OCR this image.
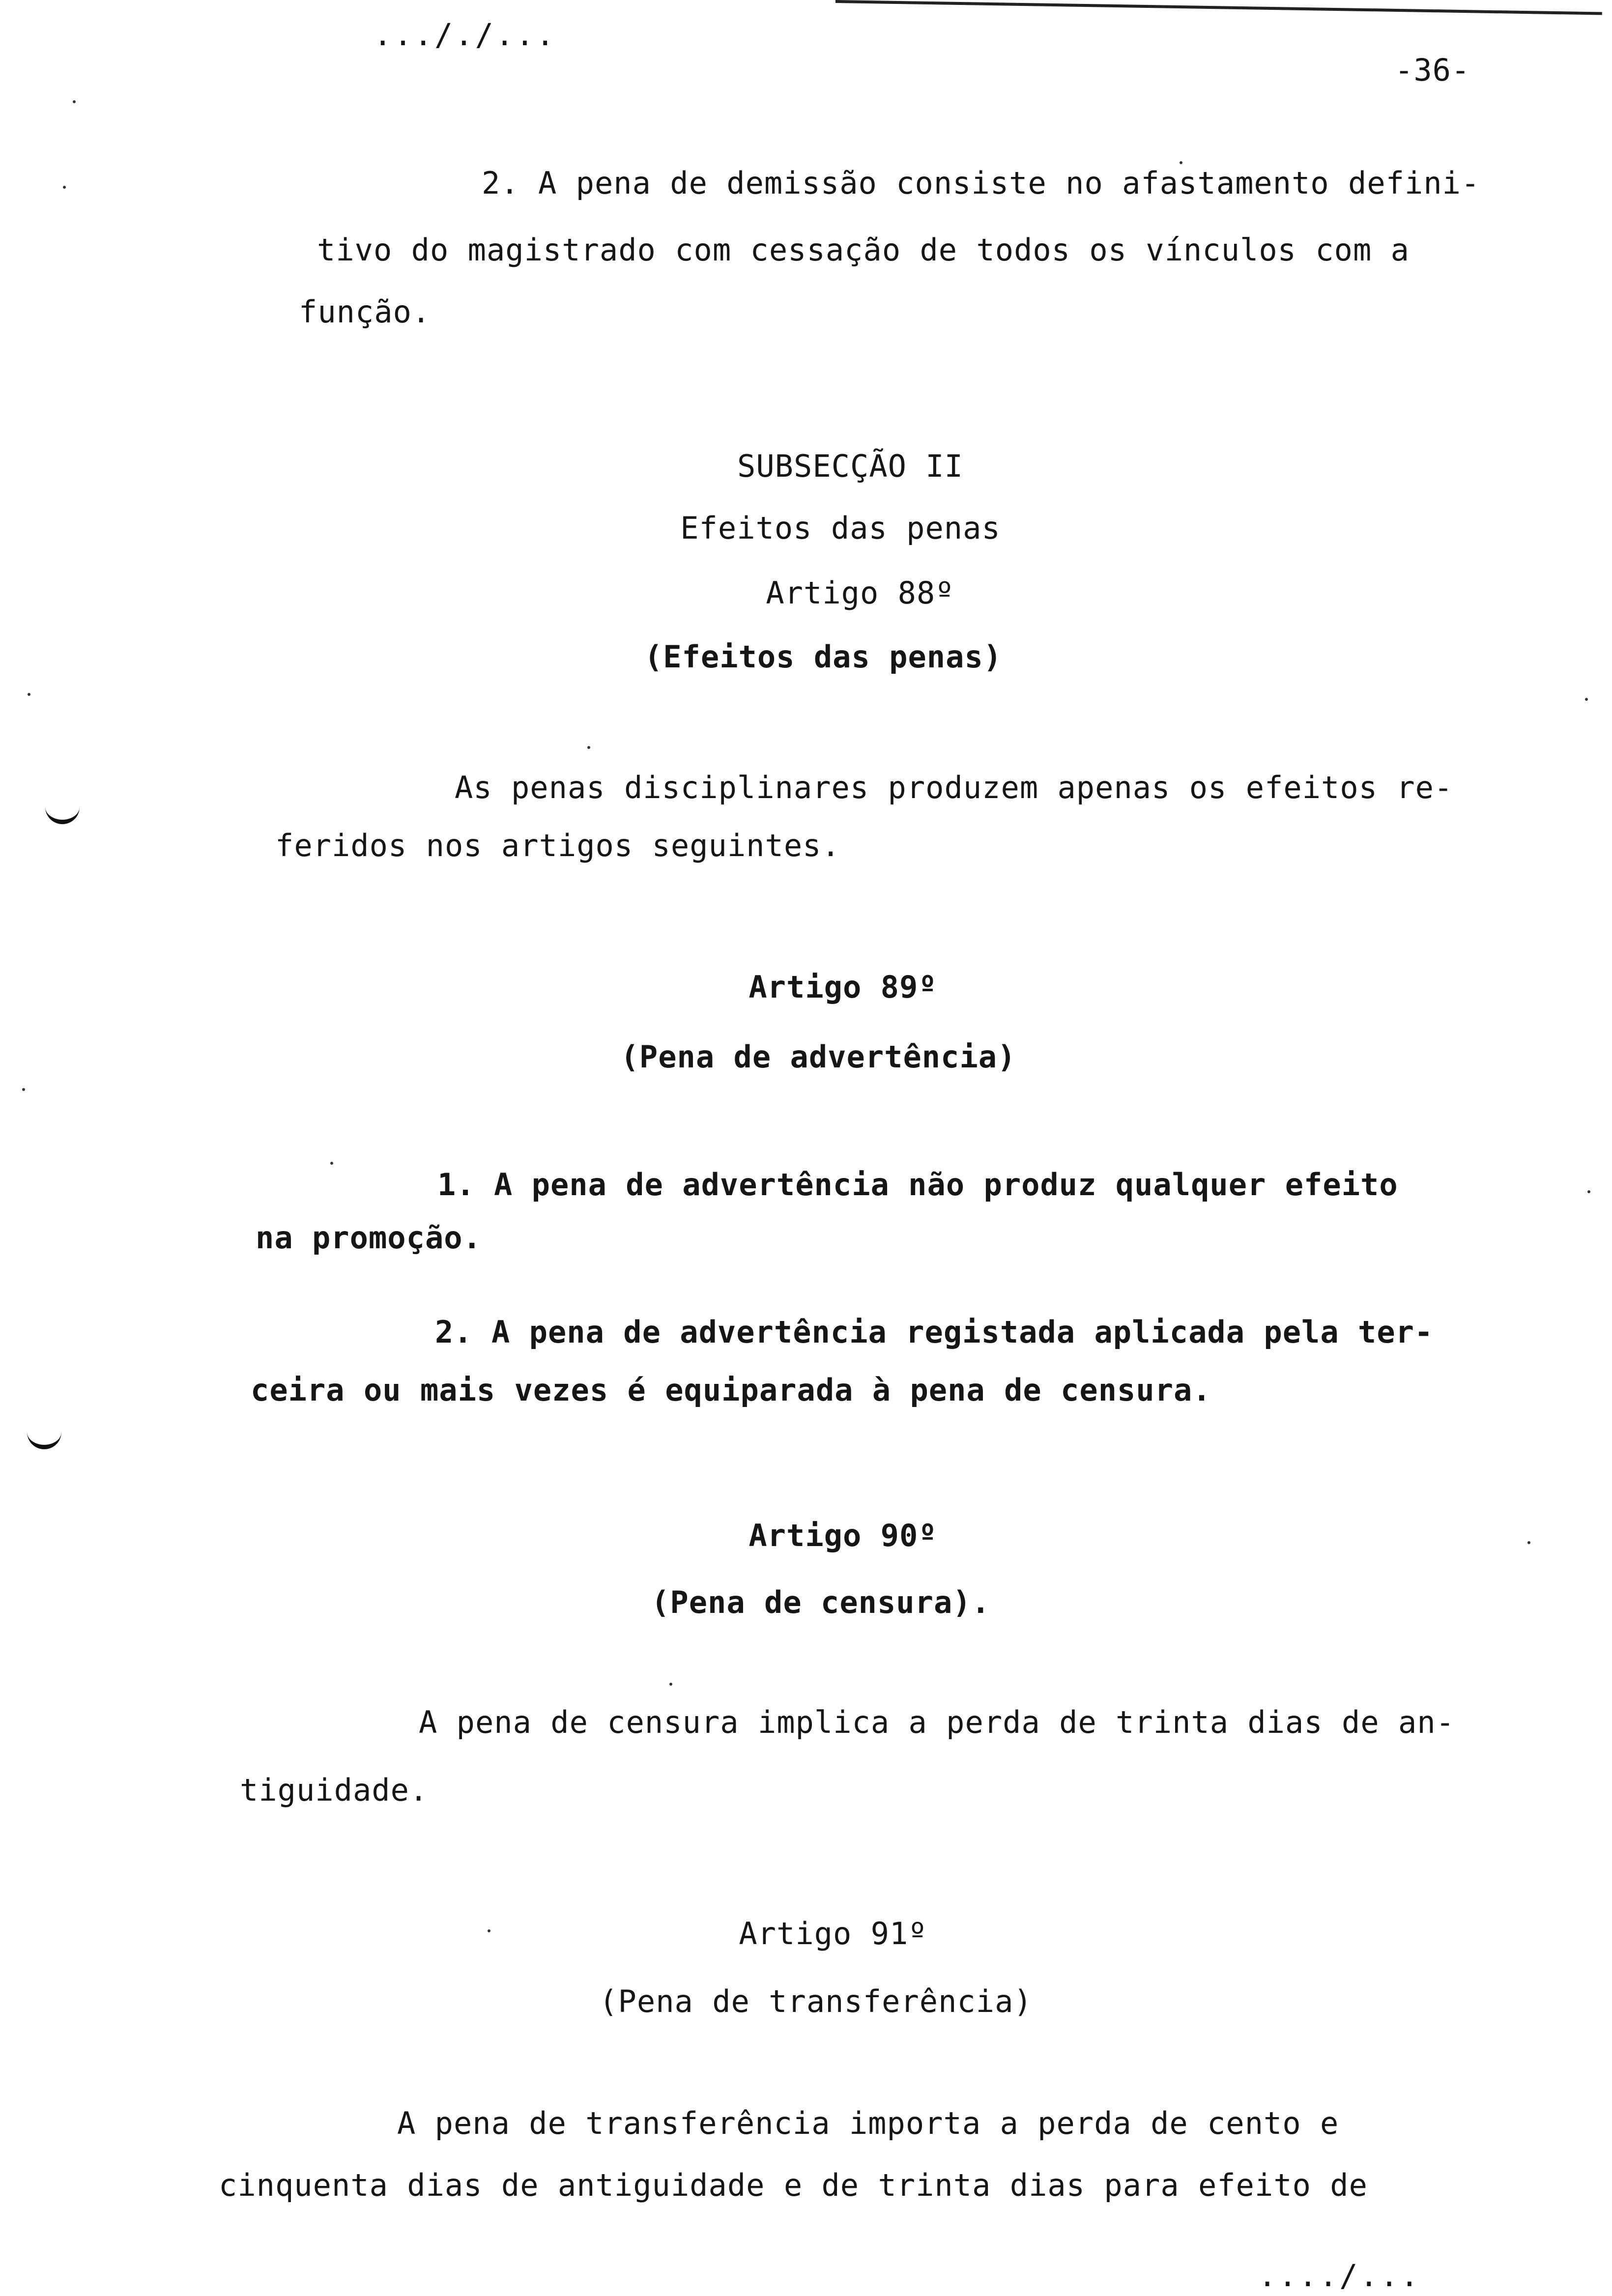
..././...
-36-
2. A pena de demissão consiste no afastamento defini-
tivo do magistrado com cessação de todos os vínculos com a
função.
SUBSECÇÃO II
Efeitos das penas
Artigo 88º
(Efeitos das penas)
As penas disciplinares produzem apenas os efeitos re-
feridos nos artigos seguintes.
Artigo 89º
(Pena de advertência)
1. A pena de advertência não produz qualquer efeito
na promoção.
2. A pena de advertência registada aplicada pela ter-
ceira ou mais vezes é equiparada à pena de censura.
Artigo 90º
(Pena de censura).
A pena de censura implica a perda de trinta dias de an-
tiguidade.
Artigo 91º
(Pena de transferência)
A pena de transferência importa a perda de cento e
cinquenta dias de antiguidade e de trinta dias para efeito de
..../...
